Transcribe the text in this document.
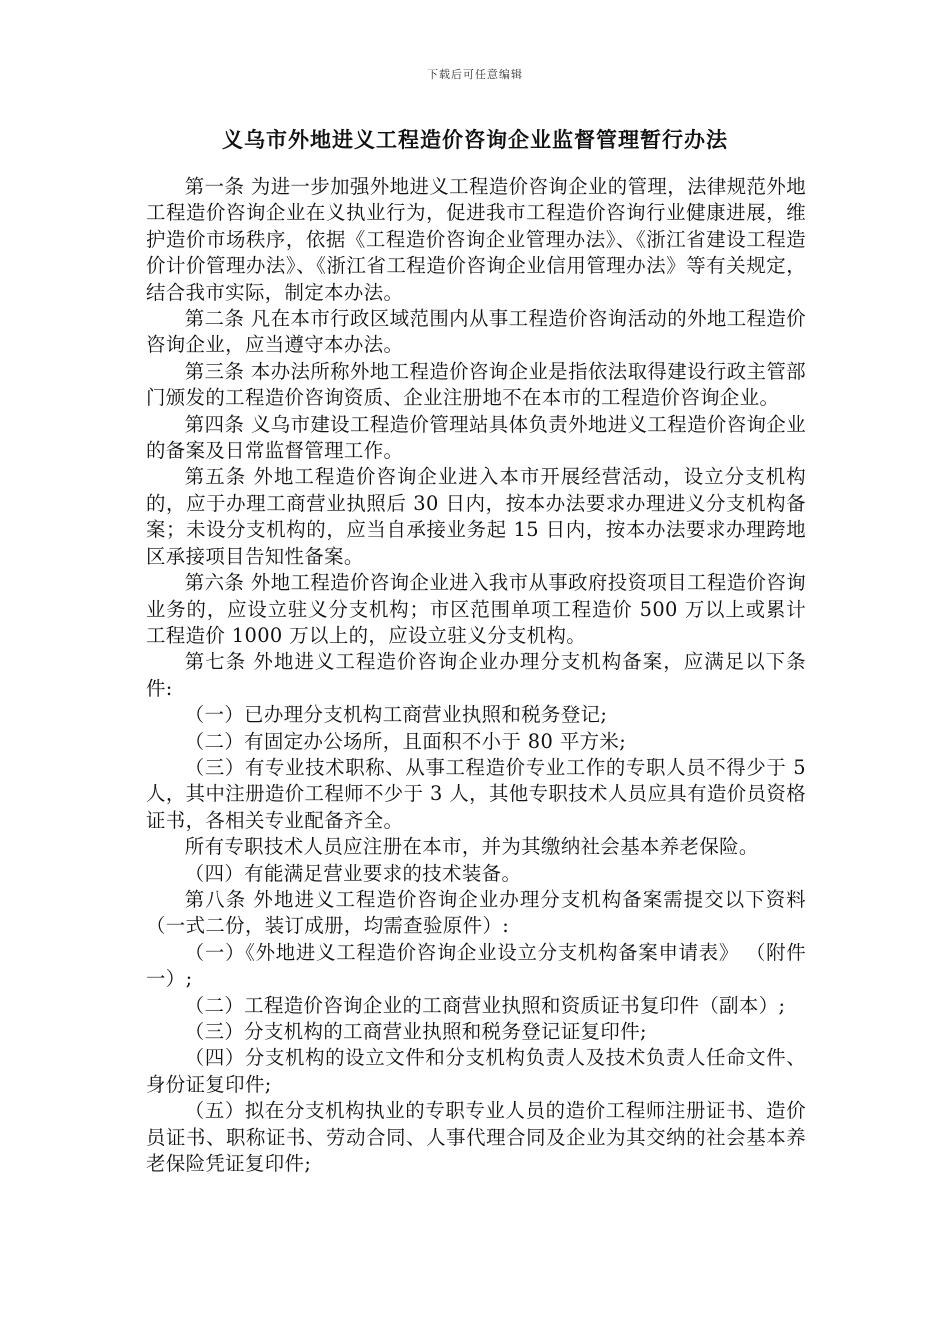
下载后可任意编辑
义乌市外地进义工程造价咨询企业监督管理暂行办法

第一条 为进一步加强外地进义工程造价咨询企业的管理，法律规范外地工程造价咨询企业在义执业行为，促进我市工程造价咨询行业健康进展，维护造价市场秩序，依据《工程造价咨询企业管理办法》、《浙江省建设工程造价计价管理办法》、《浙江省工程造价咨询企业信用管理办法》等有关规定，结合我市实际，制定本办法。

第二条 凡在本市行政区域范围内从事工程造价咨询活动的外地工程造价咨询企业，应当遵守本办法。

第三条 本办法所称外地工程造价咨询企业是指依法取得建设行政主管部门颁发的工程造价咨询资质、企业注册地不在本市的工程造价咨询企业。

第四条 义乌市建设工程造价管理站具体负责外地进义工程造价咨询企业的备案及日常监督管理工作。

第五条 外地工程造价咨询企业进入本市开展经营活动，设立分支机构的，应于办理工商营业执照后 30 日内，按本办法要求办理进义分支机构备案；未设分支机构的，应当自承接业务起 15 日内，按本办法要求办理跨地区承接项目告知性备案。

第六条 外地工程造价咨询企业进入我市从事政府投资项目工程造价咨询业务的，应设立驻义分支机构；市区范围单项工程造价 500 万以上或累计工程造价 1000 万以上的，应设立驻义分支机构。

第七条 外地进义工程造价咨询企业办理分支机构备案，应满足以下条件:

（一）已办理分支机构工商营业执照和税务登记;

（二）有固定办公场所，且面积不小于 80 平方米;

（三）有专业技术职称、从事工程造价专业工作的专职人员不得少于 5 人，其中注册造价工程师不少于 3 人，其他专职技术人员应具有造价员资格证书，各相关专业配备齐全。

所有专职技术人员应注册在本市，并为其缴纳社会基本养老保险。

（四）有能满足营业要求的技术装备。

第八条 外地进义工程造价咨询企业办理分支机构备案需提交以下资料（一式二份，装订成册，均需查验原件）:

（一）《外地进义工程造价咨询企业设立分支机构备案申请表》 （附件一）;

（二）工程造价咨询企业的工商营业执照和资质证书复印件（副本）;

（三）分支机构的工商营业执照和税务登记证复印件;

（四）分支机构的设立文件和分支机构负责人及技术负责人任命文件、身份证复印件;

（五）拟在分支机构执业的专职专业人员的造价工程师注册证书、造价员证书、职称证书、劳动合同、人事代理合同及企业为其交纳的社会基本养老保险凭证复印件;
